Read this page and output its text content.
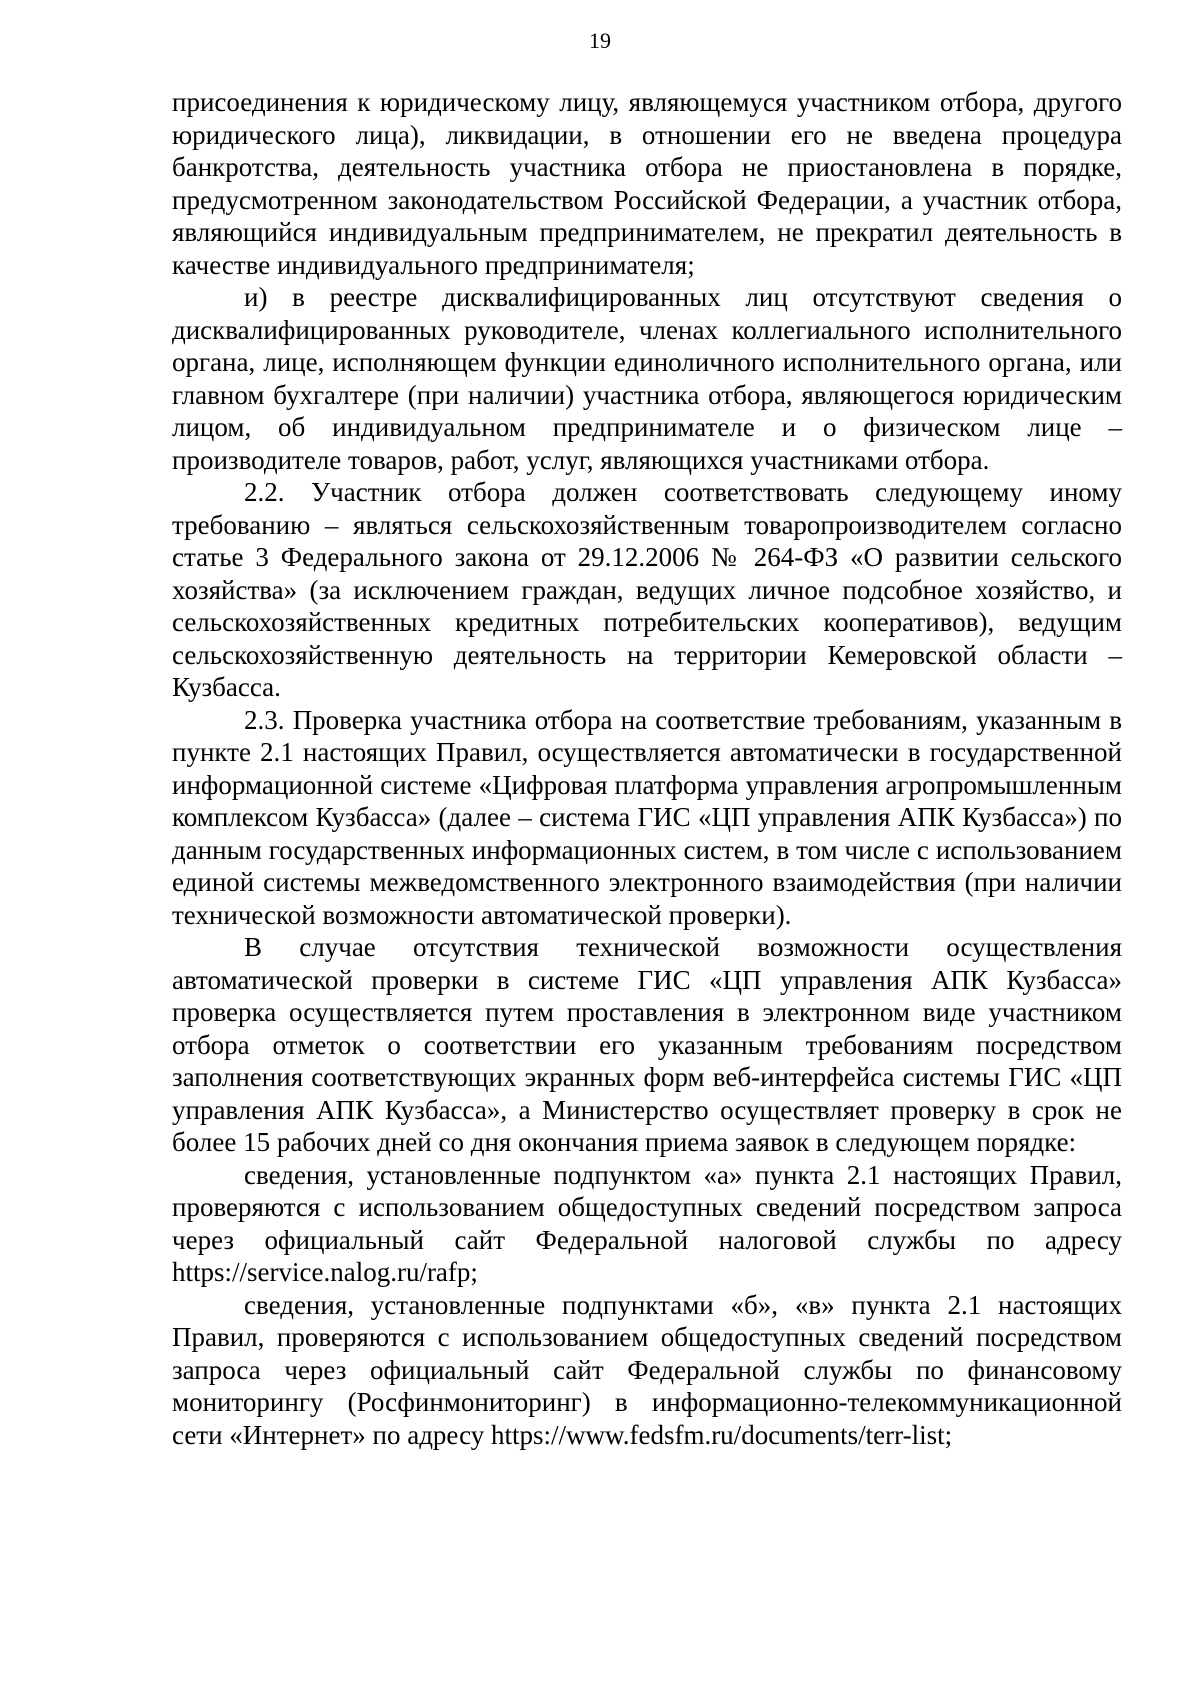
19

присоединения к юридическому лицу, являющемуся участником отбора, другого юридического лица), ликвидации, в отношении его не введена процедура банкротства, деятельность участника отбора не приостановлена в порядке, предусмотренном законодательством Российской Федерации, а участник отбора, являющийся индивидуальным предпринимателем, не прекратил деятельность в качестве индивидуального предпринимателя;

и) в реестре дисквалифицированных лиц отсутствуют сведения о дисквалифицированных руководителе, членах коллегиального исполнительного органа, лице, исполняющем функции единоличного исполнительного органа, или главном бухгалтере (при наличии) участника отбора, являющегося юридическим лицом, об индивидуальном предпринимателе и о физическом лице – производителе товаров, работ, услуг, являющихся участниками отбора.

2.2. Участник отбора должен соответствовать следующему иному требованию – являться сельскохозяйственным товаропроизводителем согласно статье 3 Федерального закона от 29.12.2006 № 264-ФЗ «О развитии сельского хозяйства» (за исключением граждан, ведущих личное подсобное хозяйство, и сельскохозяйственных кредитных потребительских кооперативов), ведущим сельскохозяйственную деятельность на территории Кемеровской области – Кузбасса.

2.3. Проверка участника отбора на соответствие требованиям, указанным в пункте 2.1 настоящих Правил, осуществляется автоматически в государственной информационной системе «Цифровая платформа управления агропромышленным комплексом Кузбасса» (далее – система ГИС «ЦП управления АПК Кузбасса») по данным государственных информационных систем, в том числе с использованием единой системы межведомственного электронного взаимодействия (при наличии технической возможности автоматической проверки).

В случае отсутствия технической возможности осуществления автоматической проверки в системе ГИС «ЦП управления АПК Кузбасса» проверка осуществляется путем проставления в электронном виде участником отбора отметок о соответствии его указанным требованиям посредством заполнения соответствующих экранных форм веб-интерфейса системы ГИС «ЦП управления АПК Кузбасса», а Министерство осуществляет проверку в срок не более 15 рабочих дней со дня окончания приема заявок в следующем порядке:

сведения, установленные подпунктом «а» пункта 2.1 настоящих Правил, проверяются с использованием общедоступных сведений посредством запроса через официальный сайт Федеральной налоговой службы по адресу https://service.nalog.ru/rafp;

сведения, установленные подпунктами «б», «в» пункта 2.1 настоящих Правил, проверяются с использованием общедоступных сведений посредством запроса через официальный сайт Федеральной службы по финансовому мониторингу (Росфинмониторинг) в информационно-телекоммуникационной сети «Интернет» по адресу https://www.fedsfm.ru/documents/terr-list;
